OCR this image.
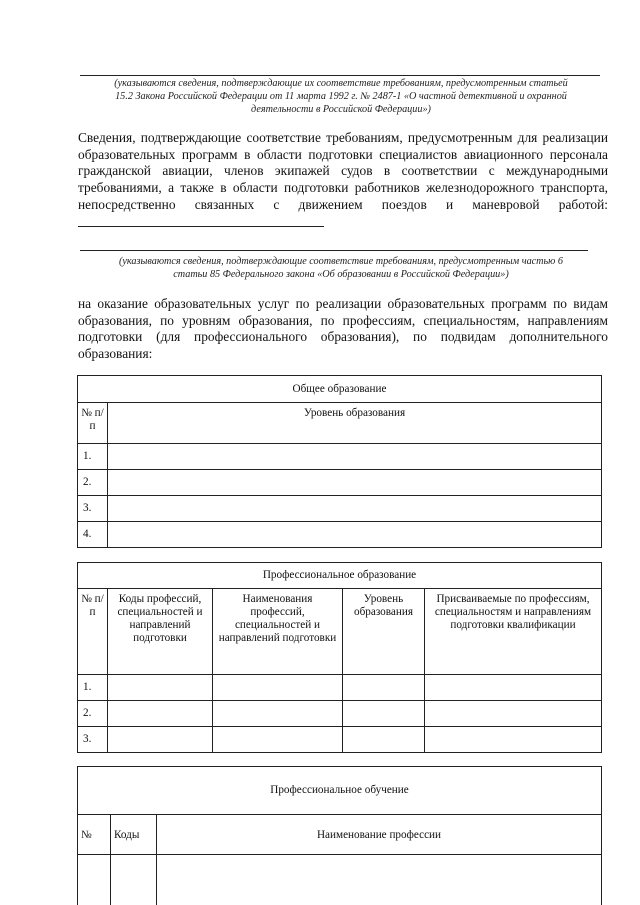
(указываются сведения, подтверждающие их соответствие требованиям, предусмотренным статьей
15.2 Закона Российской Федерации от 11 марта 1992 г. № 2487-1 «О частной детективной и охранной
деятельности в Российской Федерации»)
Сведения, подтверждающие соответствие требованиям, предусмотренным для реализации образовательных программ в области подготовки специалистов авиационного персонала гражданской авиации, членов экипажей судов в соответствии с международными требованиями, а также в области подготовки работников железнодорожного транспорта, непосредственно связанных с движением поездов и маневровой работой:
(указываются сведения, подтверждающие соответствие требованиям, предусмотренным частью 6
статьи 85 Федерального закона «Об образовании в Российской Федерации»)
на оказание образовательных услуг по реализации образовательных программ по видам образования, по уровням образования, по профессиям, специальностям, направлениям подготовки (для профессионального образования), по подвидам дополнительного образования:
Общее образование	
№ п/п	Уровень образования
1.	
2.	
3.	
4.	
Профессиональное образование				
№ п/п	Коды профессий, специальностей и направлений подготовки	Наименования профессий, специальностей и направлений подготовки	Уровень образования	Присваиваемые по профессиям, специальностям и направлениям подготовки квалификации
1.				
2.				
3.				
Профессиональное обучение		
№	Коды	Наименование профессии
